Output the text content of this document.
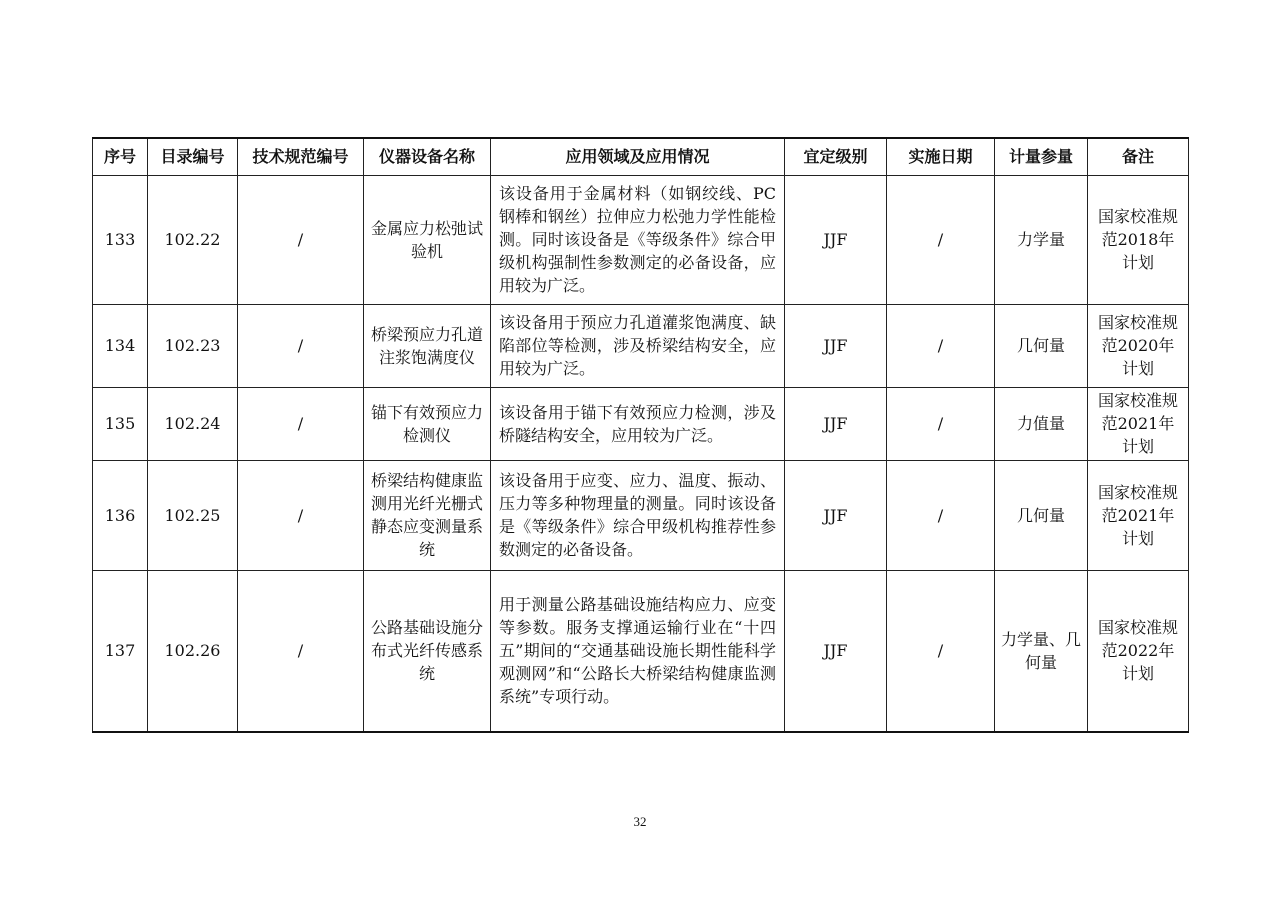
序号	目录编号	技术规范编号	仪器设备名称	应用领域及应用情况	宜定级别	实施日期	计量参量	备注
133	102.22	/	金属应力松弛试验机	该设备用于金属材料（如钢绞线、PC钢棒和钢丝）拉伸应力松弛力学性能检测。同时该设备是《等级条件》综合甲级机构强制性参数测定的必备设备，应用较为广泛。	JJF	/	力学量	国家校准规范2018年计划
134	102.23	/	桥梁预应力孔道注浆饱满度仪	该设备用于预应力孔道灌浆饱满度、缺陷部位等检测，涉及桥梁结构安全，应用较为广泛。	JJF	/	几何量	国家校准规范2020年计划
135	102.24	/	锚下有效预应力检测仪	该设备用于锚下有效预应力检测，涉及桥隧结构安全，应用较为广泛。	JJF	/	力值量	国家校准规范2021年计划
136	102.25	/	桥梁结构健康监测用光纤光栅式静态应变测量系统	该设备用于应变、应力、温度、振动、压力等多种物理量的测量。同时该设备是《等级条件》综合甲级机构推荐性参数测定的必备设备。	JJF	/	几何量	国家校准规范2021年计划
137	102.26	/	公路基础设施分布式光纤传感系统	用于测量公路基础设施结构应力、应变等参数。服务支撑通运输行业在“十四五”期间的“交通基础设施长期性能科学观测网”和“公路长大桥梁结构健康监测系统”专项行动。	JJF	/	力学量、几何量	国家校准规范2022年计划
32
